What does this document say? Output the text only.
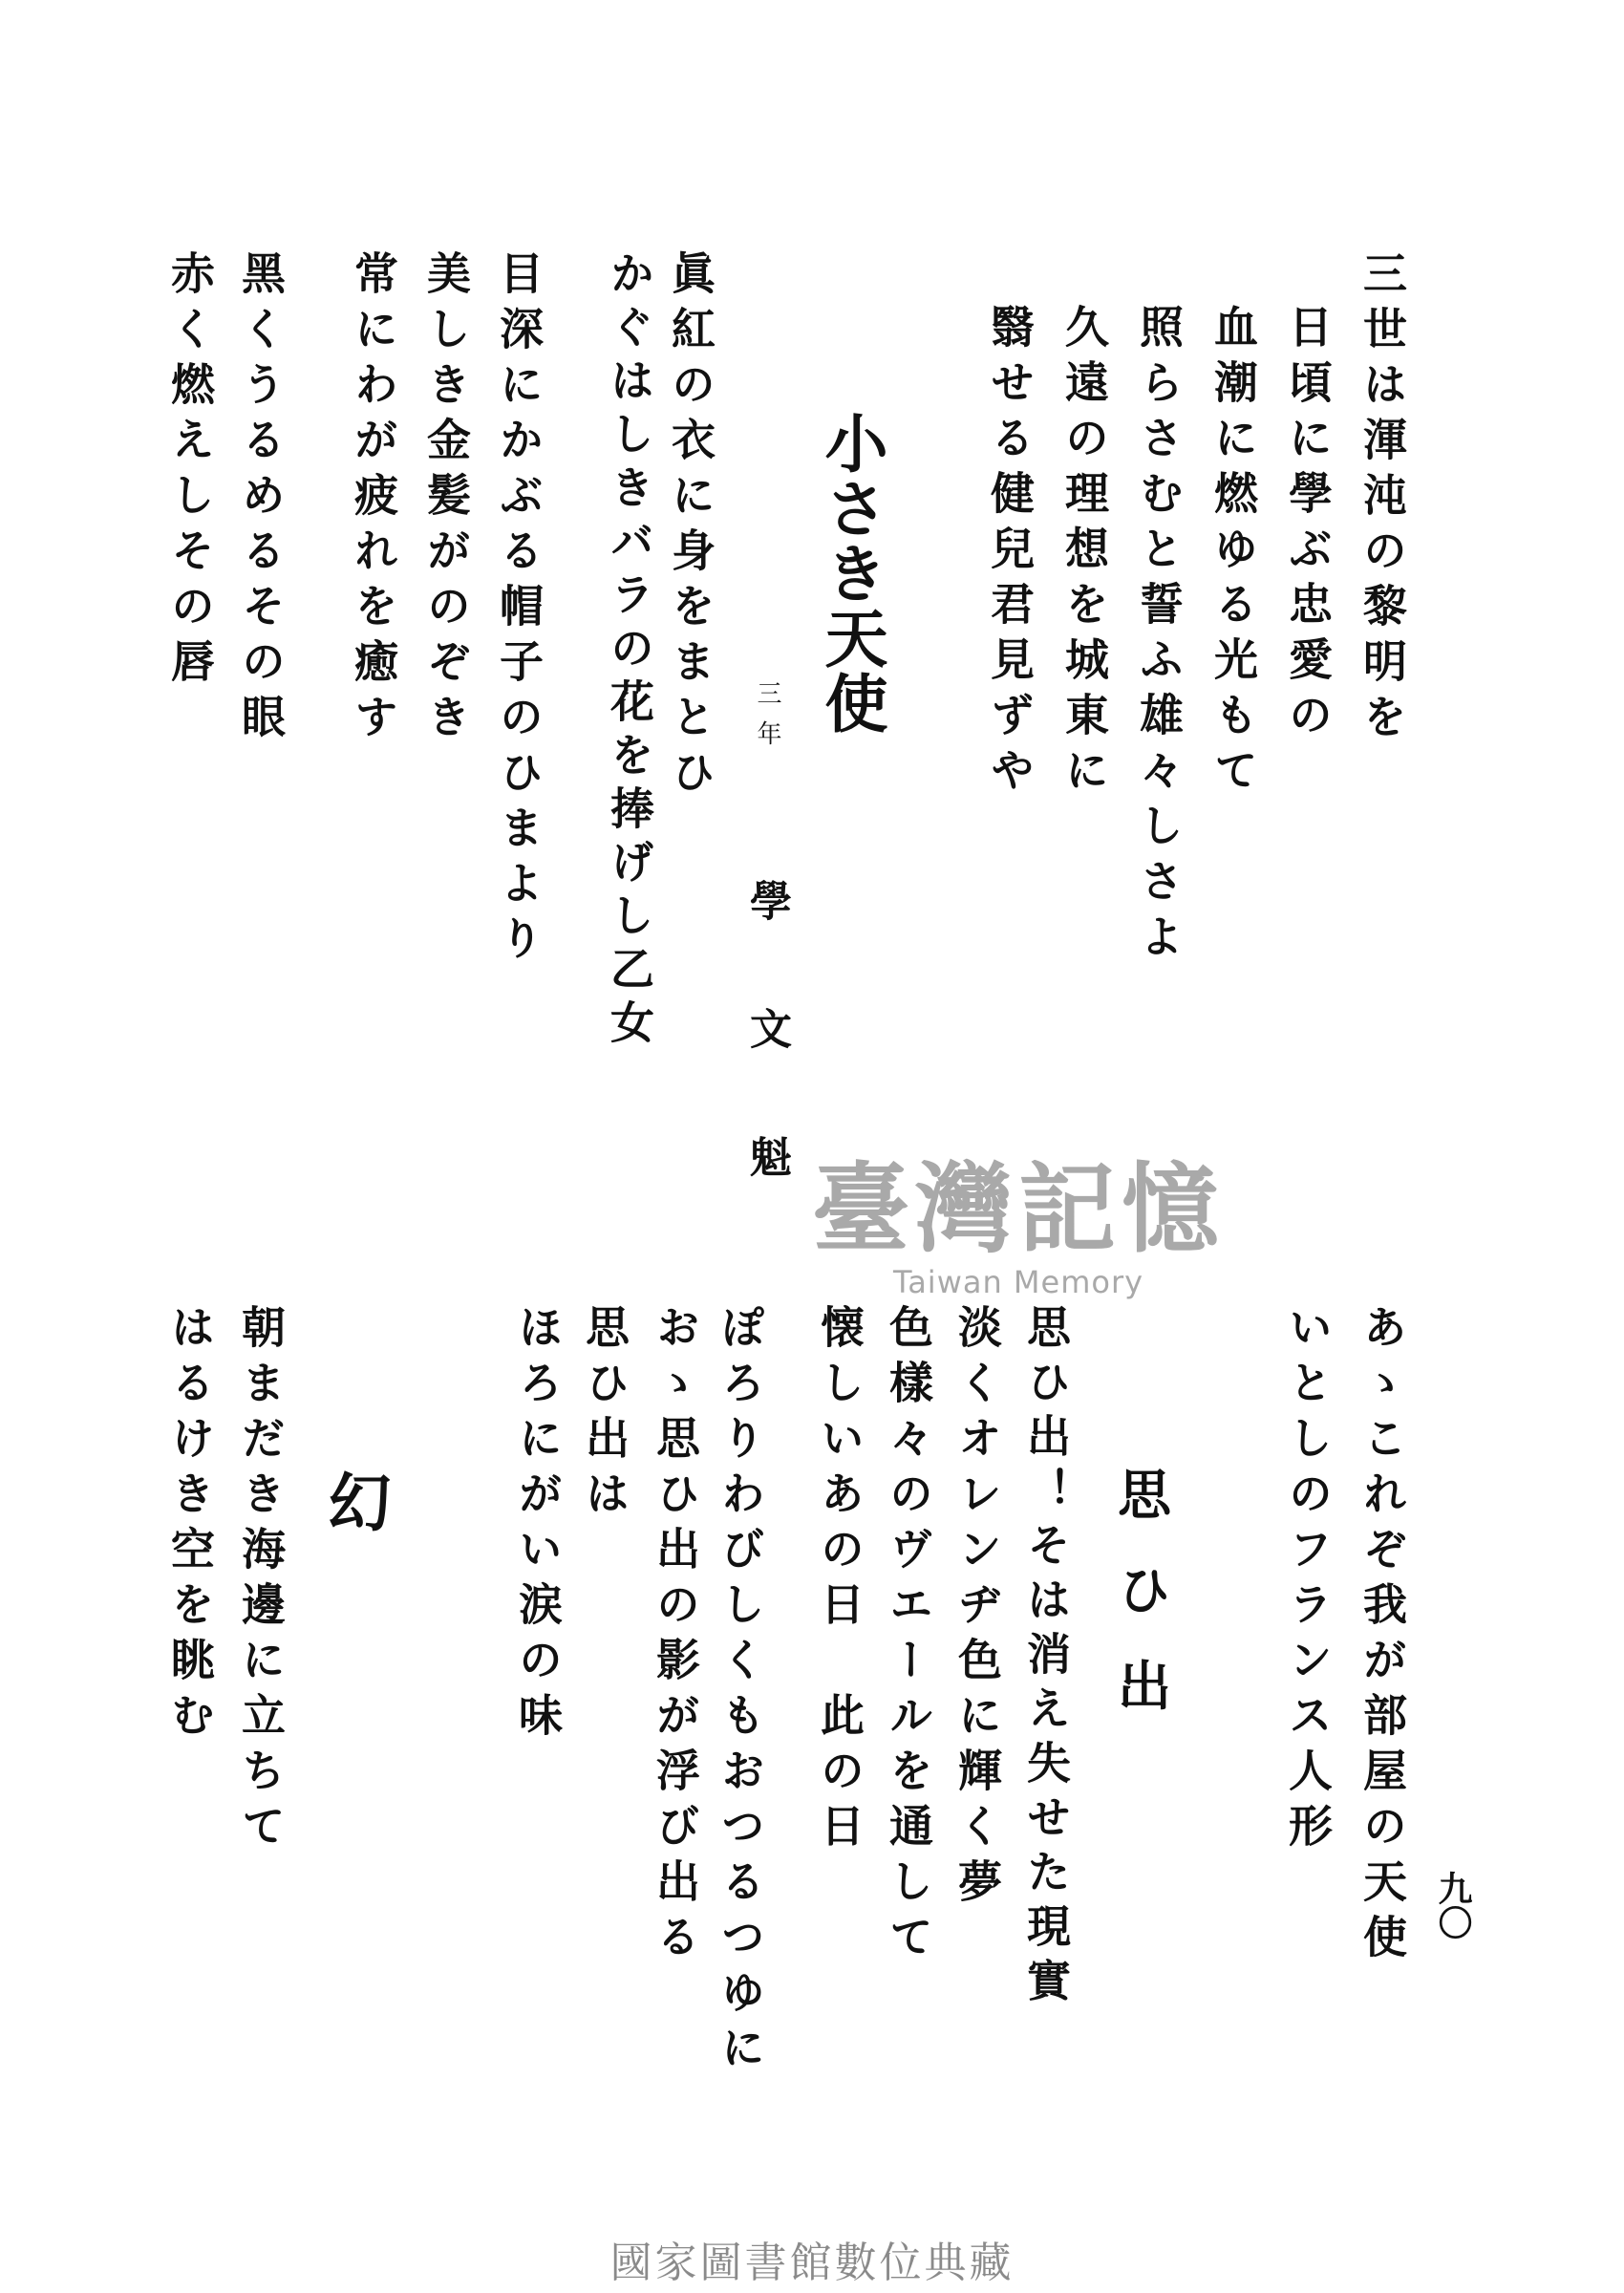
三世は渾沌の黎明を
日頃に學ぶ忠愛の
血潮に燃ゆる光もて
照らさむと誓ふ雄々しさよ
久遠の理想を城東に
翳せる健兒君見ずや
小さき天使
三年
學文魁
眞紅の衣に身をまとひ
かぐはしきバラの花を捧げし乙女
目深にかぶる帽子のひまより
美しき金髪がのぞき
常にわが疲れを癒す
黑くうるめるその眼
赤く燃えしその唇
九〇
あゝこれぞ我が部屋の天使
いとしのフランス人形
思ひ出
思ひ出！そは消え失せた現實
淡くオレンヂ色に輝く夢
色樣々のヴエールを通して
懐しいあの日　此の日
ぽろりわびしくもおつるつゆに
おゝ思ひ出の影が浮び出る
思ひ出は
ほろにがい涙の味
幻
朝まだき海邊に立ちて
はるけき空を眺む
臺灣記憶
Taiwan Memory
國家圖書館數位典藏
